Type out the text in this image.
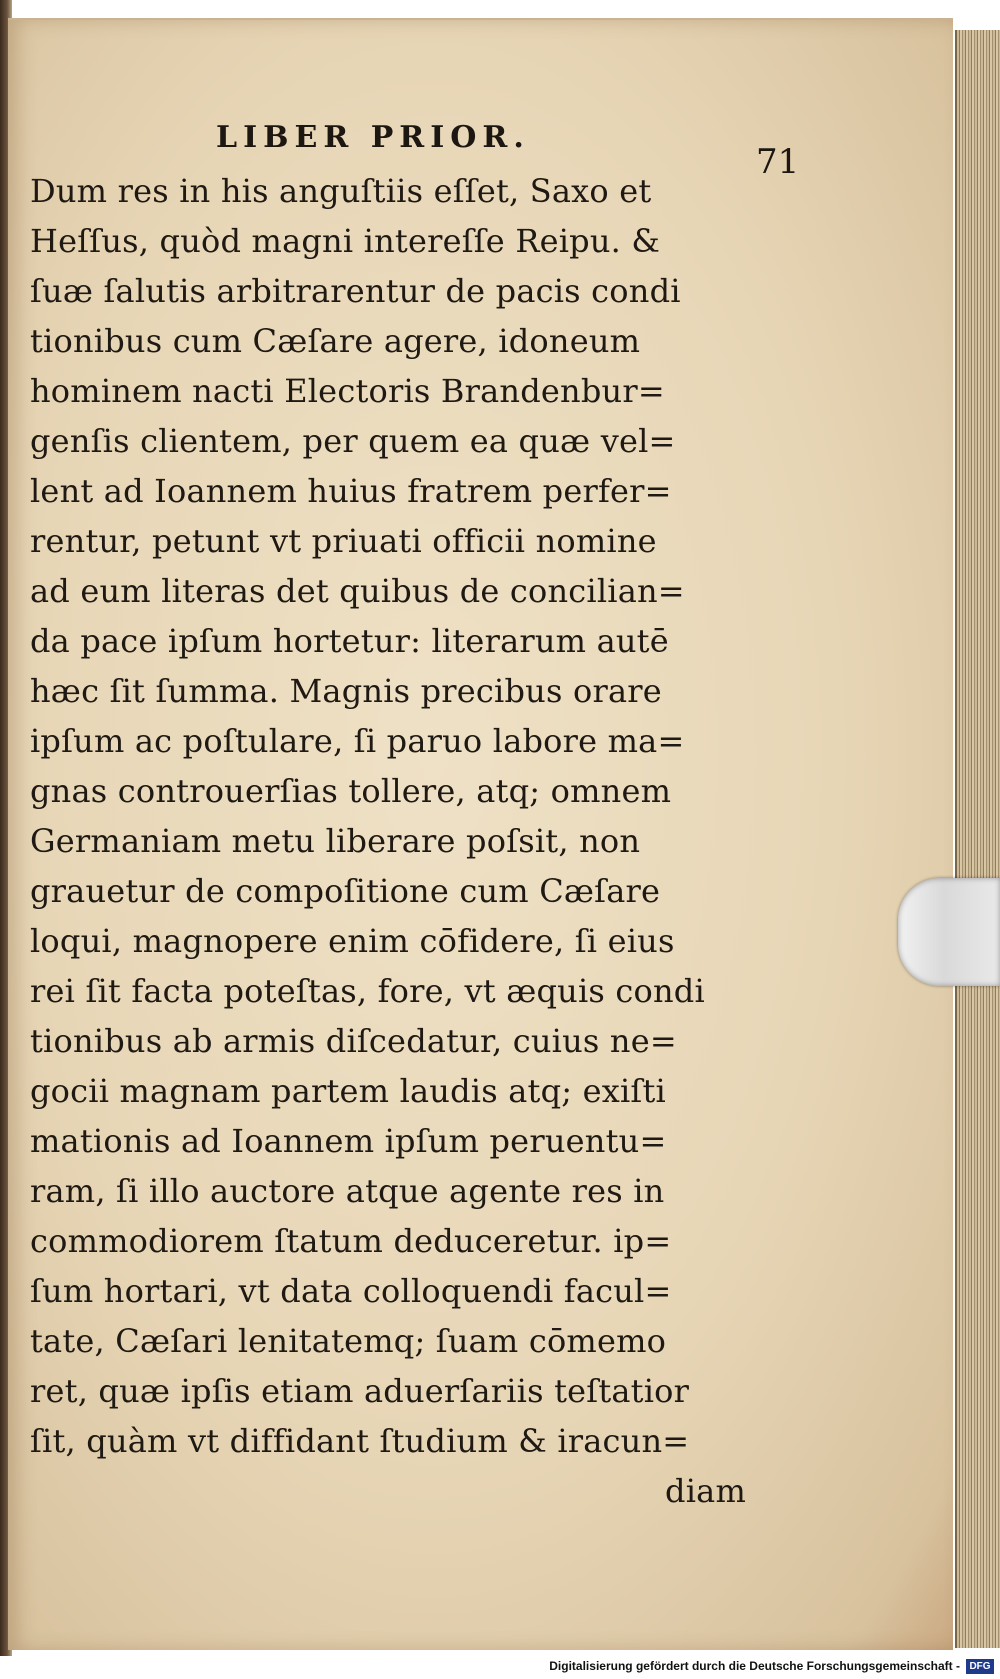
LIBER PRIOR.
71
Dum res in his anguſtiis eſſet, Saxo et
Heſſus, quòd magni intereſſe Reipu. &
ſuæ ſalutis arbitrarentur de pacis condi
tionibus cum Cæſare agere, idoneum
hominem nacti Electoris Brandenbur=
genſis clientem, per quem ea quæ vel=
lent ad Ioannem huius fratrem perfer=
rentur, petunt vt priuati officii nomine
ad eum literas det quibus de concilian=
da pace ipſum hortetur: literarum autē
hæc ſit ſumma. Magnis precibus orare
ipſum ac poſtulare, ſi paruo labore ma=
gnas controuerſias tollere, atq; omnem
Germaniam metu liberare poſsit, non
grauetur de compoſitione cum Cæſare
loqui, magnopere enim cōfidere, ſi eius
rei ſit facta poteſtas, fore, vt æquis condi
tionibus ab armis diſcedatur, cuius ne=
gocii magnam partem laudis atq; exiſti
mationis ad Ioannem ipſum peruentu=
ram, ſi illo auctore atque agente res in
commodiorem ſtatum deduceretur. ip=
ſum hortari, vt data colloquendi facul=
tate, Cæſari lenitatemq; ſuam cōmemo
ret, quæ ipſis etiam aduerſariis teſtatior
ſit, quàm vt diffidant ſtudium & iracun=
diam
Digitalisierung gefördert durch die Deutsche Forschungsgemeinschaft - DFG
